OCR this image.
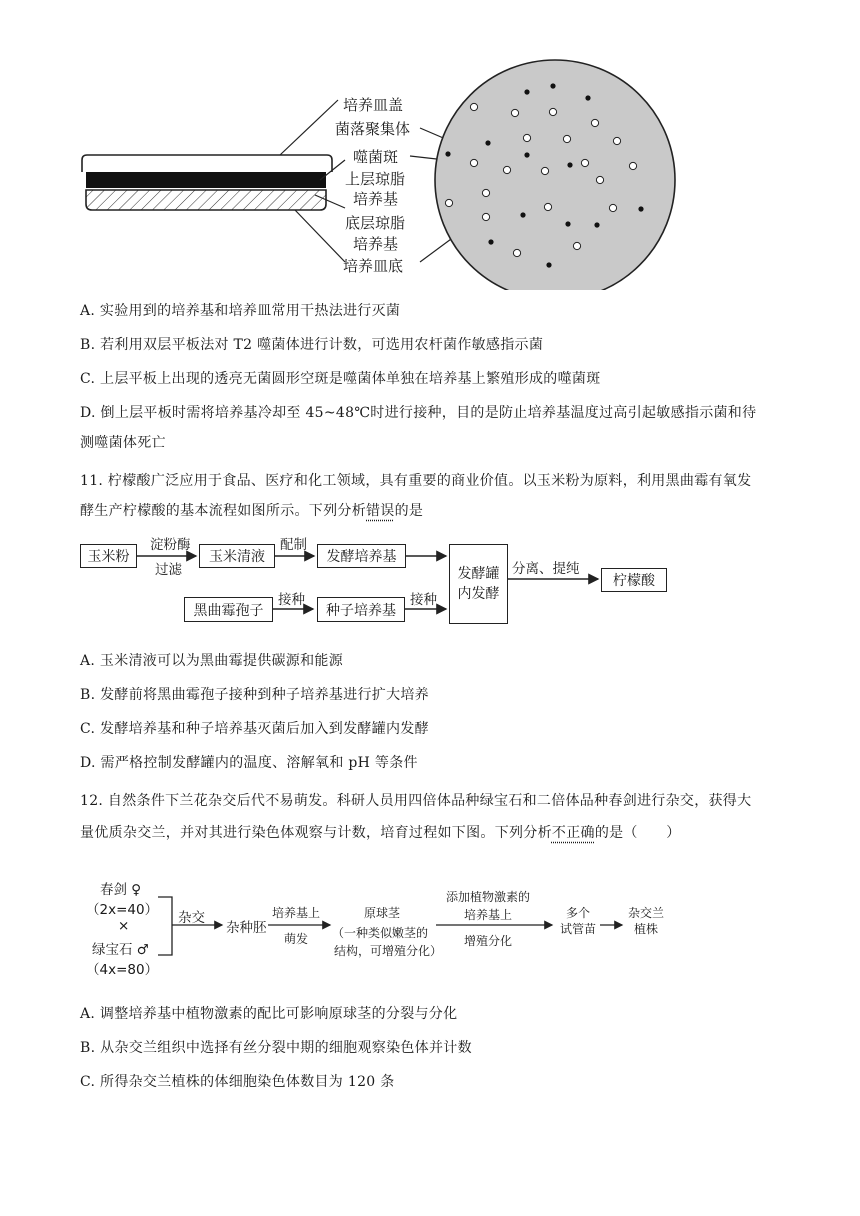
培养皿盖
菌落聚集体
噬菌斑
上层琼脂
培养基
底层琼脂
培养基
培养皿底
A. 实验用到的培养基和培养皿常用干热法进行灭菌
B. 若利用双层平板法对 T2 噬菌体进行计数，可选用农杆菌作敏感指示菌
C. 上层平板上出现的透亮无菌圆形空斑是噬菌体单独在培养基上繁殖形成的噬菌斑
D. 倒上层平板时需将培养基冷却至 45~48℃时进行接种，目的是防止培养基温度过高引起敏感指示菌和待
测噬菌体死亡
11. 柠檬酸广泛应用于食品、医疗和化工领域，具有重要的商业价值。以玉米粉为原料，利用黑曲霉有氧发
酵生产柠檬酸的基本流程如图所示。下列分析错误的是
玉米粉
淀粉酶
过滤
玉米清液
配制
发酵培养基
发酵罐
内发酵
分离、提纯
柠檬酸
黑曲霉孢子
接种
种子培养基
接种
A. 玉米清液可以为黑曲霉提供碳源和能源
B. 发酵前将黑曲霉孢子接种到种子培养基进行扩大培养
C. 发酵培养基和种子培养基灭菌后加入到发酵罐内发酵
D. 需严格控制发酵罐内的温度、溶解氧和 pH 等条件
12. 自然条件下兰花杂交后代不易萌发。科研人员用四倍体品种绿宝石和二倍体品种春剑进行杂交，获得大
量优质杂交兰，并对其进行染色体观察与计数，培育过程如下图。下列分析不正确的是（　　）
春剑 ♀
（2x=40）
×
绿宝石 ♂
（4x=80）
杂交
杂种胚
培养基上
萌发
原球茎
（一种类似嫩茎的
结构，可增殖分化）
添加植物激素的
培养基上
增殖分化
多个
试管苗
杂交兰
植株
A. 调整培养基中植物激素的配比可影响原球茎的分裂与分化
B. 从杂交兰组织中选择有丝分裂中期的细胞观察染色体并计数
C. 所得杂交兰植株的体细胞染色体数目为 120 条
